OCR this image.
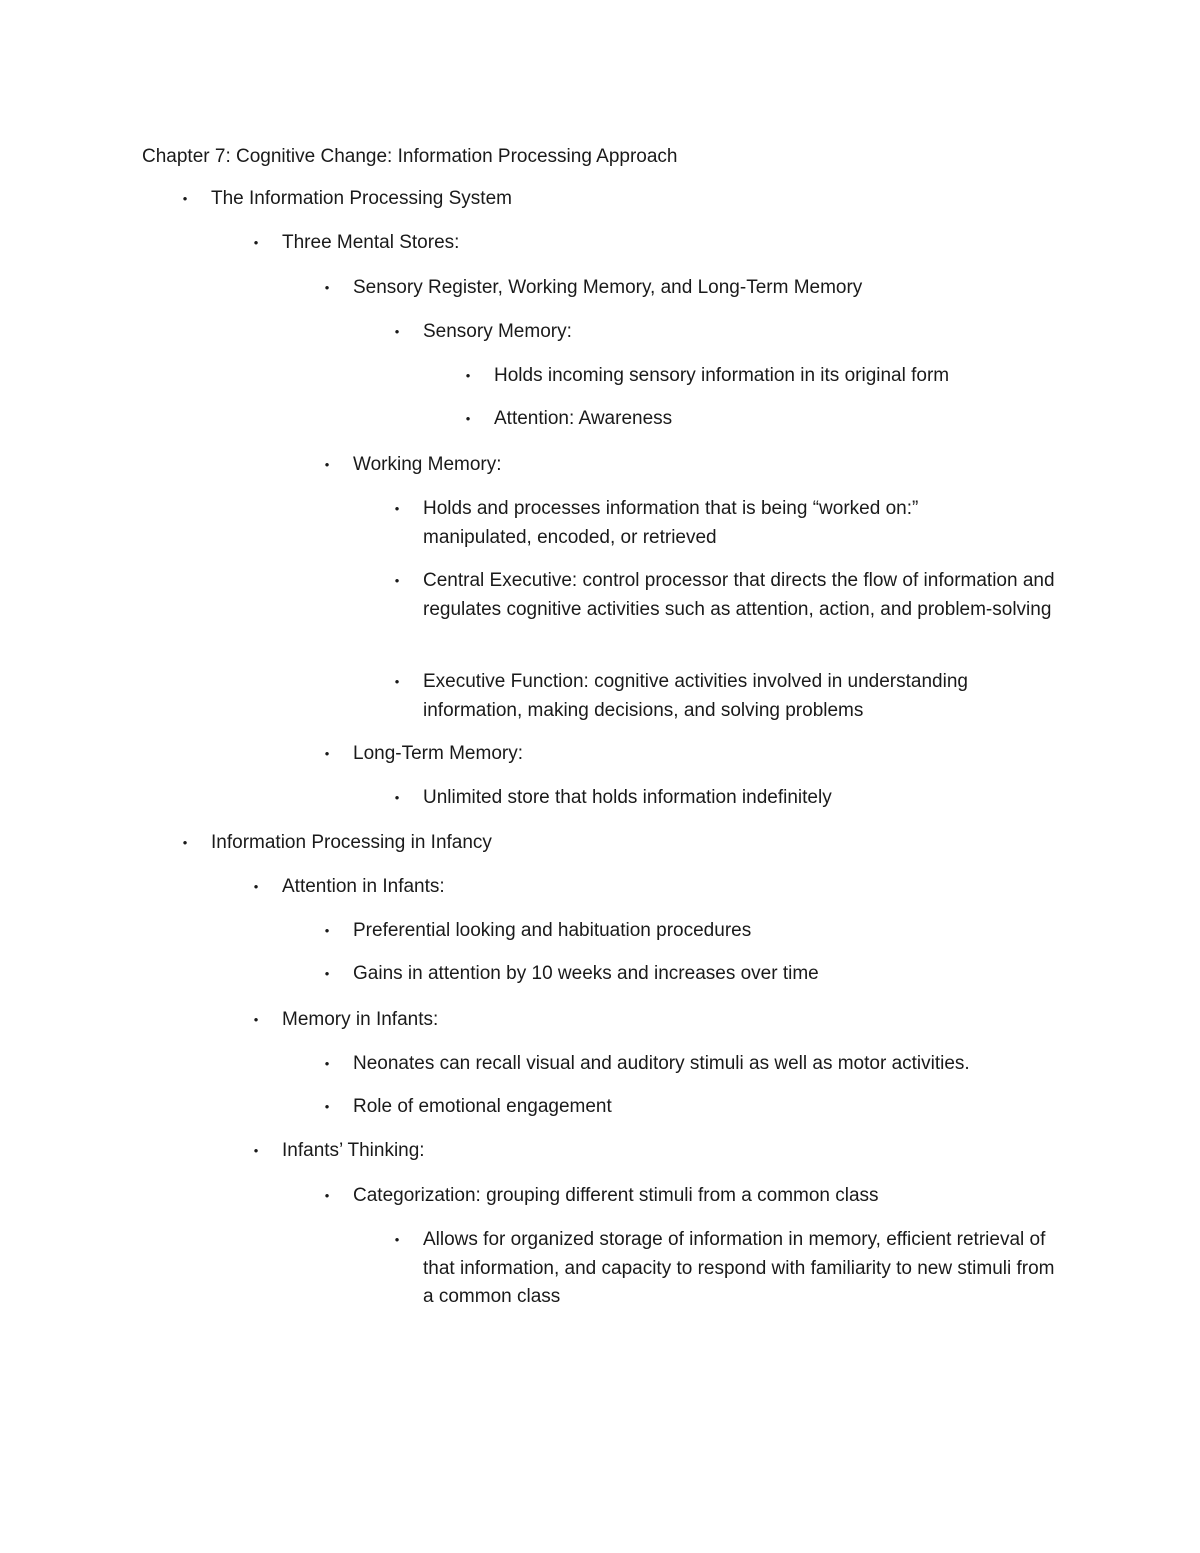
Chapter 7: Cognitive Change: Information Processing Approach
• The Information Processing System
• Three Mental Stores:
• Sensory Register, Working Memory, and Long-Term Memory
• Sensory Memory:
• Holds incoming sensory information in its original form
• Attention: Awareness
• Working Memory:
• Holds and processes information that is being “worked on:” manipulated, encoded, or retrieved
• Central Executive: control processor that directs the flow of information and regulates cognitive activities such as attention, action, and problem-solving
• Executive Function: cognitive activities involved in understanding information, making decisions, and solving problems
• Long-Term Memory:
• Unlimited store that holds information indefinitely
• Information Processing in Infancy
• Attention in Infants:
• Preferential looking and habituation procedures
• Gains in attention by 10 weeks and increases over time
• Memory in Infants:
• Neonates can recall visual and auditory stimuli as well as motor activities.
• Role of emotional engagement
• Infants’ Thinking:
• Categorization: grouping different stimuli from a common class
• Allows for organized storage of information in memory, efficient retrieval of that information, and capacity to respond with familiarity to new stimuli from a common class
